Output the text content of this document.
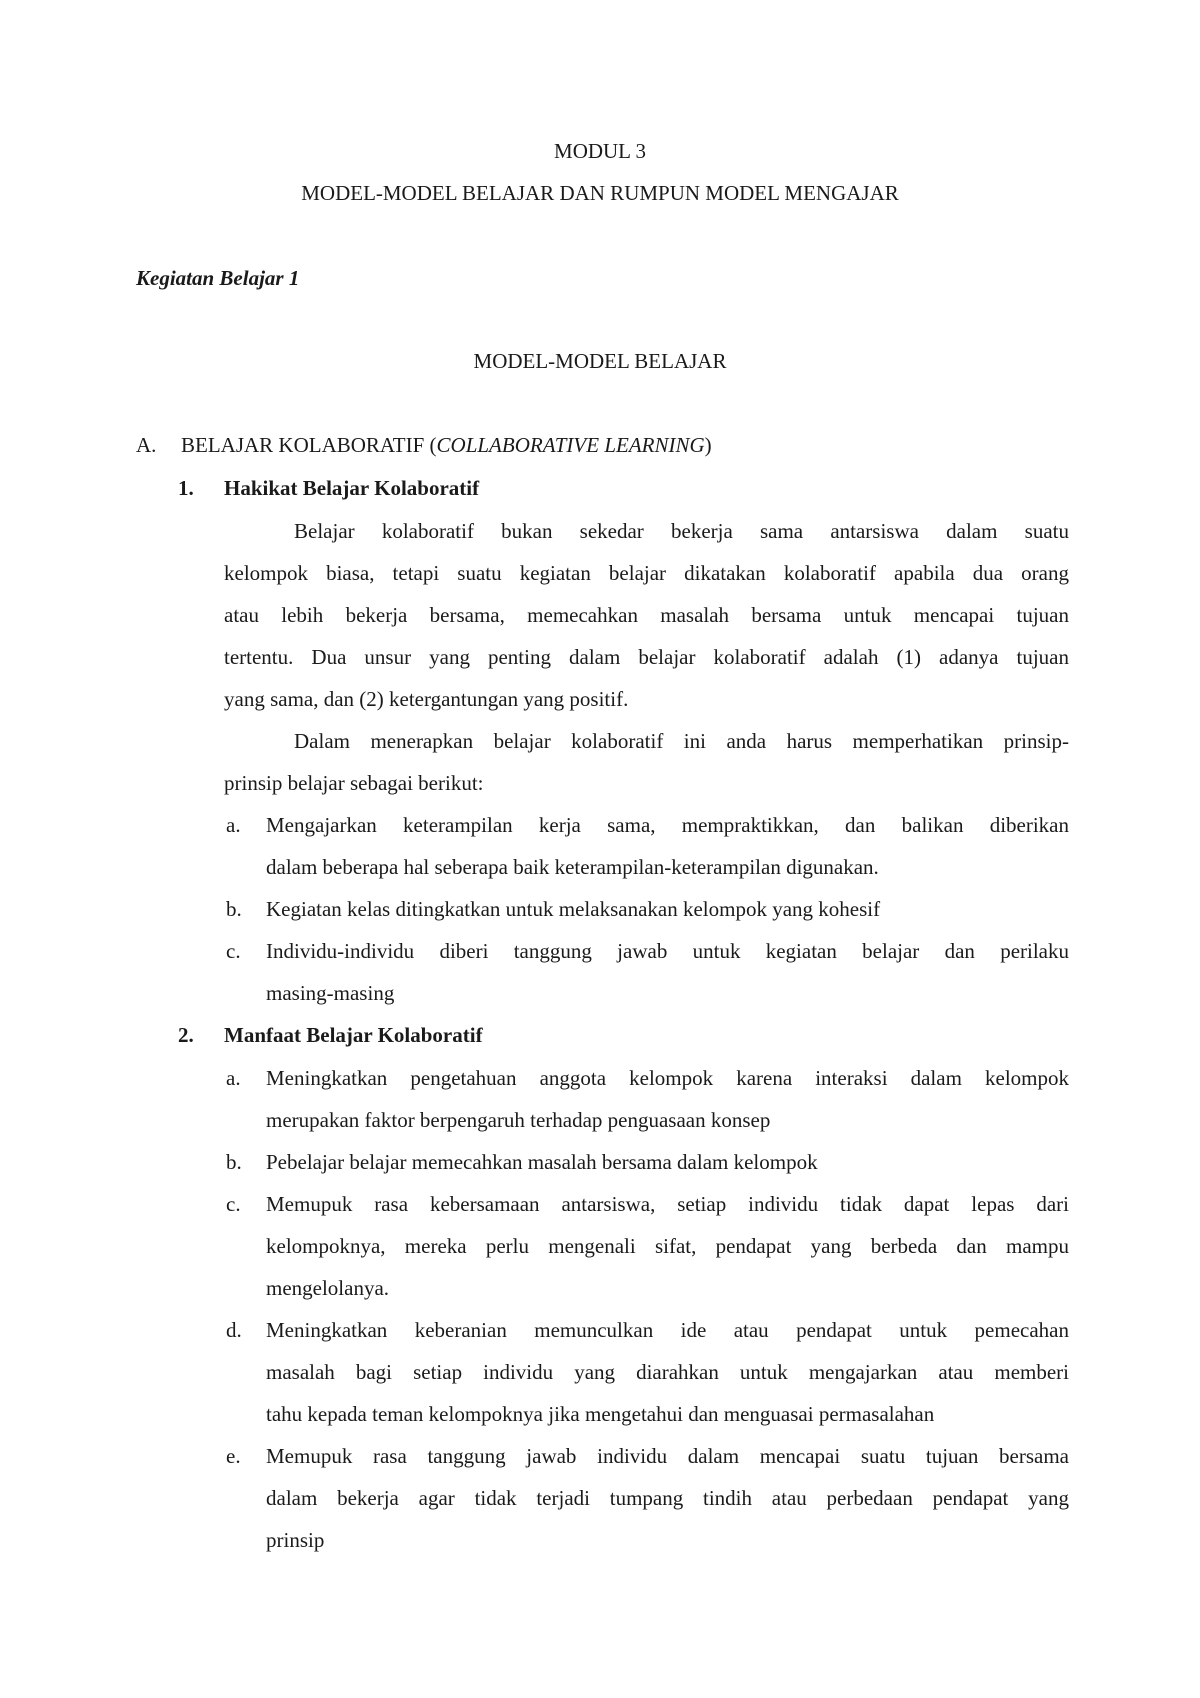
MODUL 3
MODEL-MODEL BELAJAR DAN RUMPUN MODEL MENGAJAR
Kegiatan Belajar 1
MODEL-MODEL BELAJAR
A. BELAJAR KOLABORATIF (COLLABORATIVE LEARNING)
1. Hakikat Belajar Kolaboratif
Belajar kolaboratif bukan sekedar bekerja sama antarsiswa dalam suatu
kelompok biasa, tetapi suatu kegiatan belajar dikatakan kolaboratif apabila dua orang
atau lebih bekerja bersama, memecahkan masalah bersama untuk mencapai tujuan
tertentu. Dua unsur yang penting dalam belajar kolaboratif adalah (1) adanya tujuan
yang sama, dan (2) ketergantungan yang positif.
Dalam menerapkan belajar kolaboratif ini anda harus memperhatikan prinsip-
prinsip belajar sebagai berikut:
a. Mengajarkan keterampilan kerja sama, mempraktikkan, dan balikan diberikan
dalam beberapa hal seberapa baik keterampilan-keterampilan digunakan.
b. Kegiatan kelas ditingkatkan untuk melaksanakan kelompok yang kohesif
c. Individu-individu diberi tanggung jawab untuk kegiatan belajar dan perilaku
masing-masing
2. Manfaat Belajar Kolaboratif
a. Meningkatkan pengetahuan anggota kelompok karena interaksi dalam kelompok
merupakan faktor berpengaruh terhadap penguasaan konsep
b. Pebelajar belajar memecahkan masalah bersama dalam kelompok
c. Memupuk rasa kebersamaan antarsiswa, setiap individu tidak dapat lepas dari
kelompoknya, mereka perlu mengenali sifat, pendapat yang berbeda dan mampu
mengelolanya.
d. Meningkatkan keberanian memunculkan ide atau pendapat untuk pemecahan
masalah bagi setiap individu yang diarahkan untuk mengajarkan atau memberi
tahu kepada teman kelompoknya jika mengetahui dan menguasai permasalahan
e. Memupuk rasa tanggung jawab individu dalam mencapai suatu tujuan bersama
dalam bekerja agar tidak terjadi tumpang tindih atau perbedaan pendapat yang
prinsip
